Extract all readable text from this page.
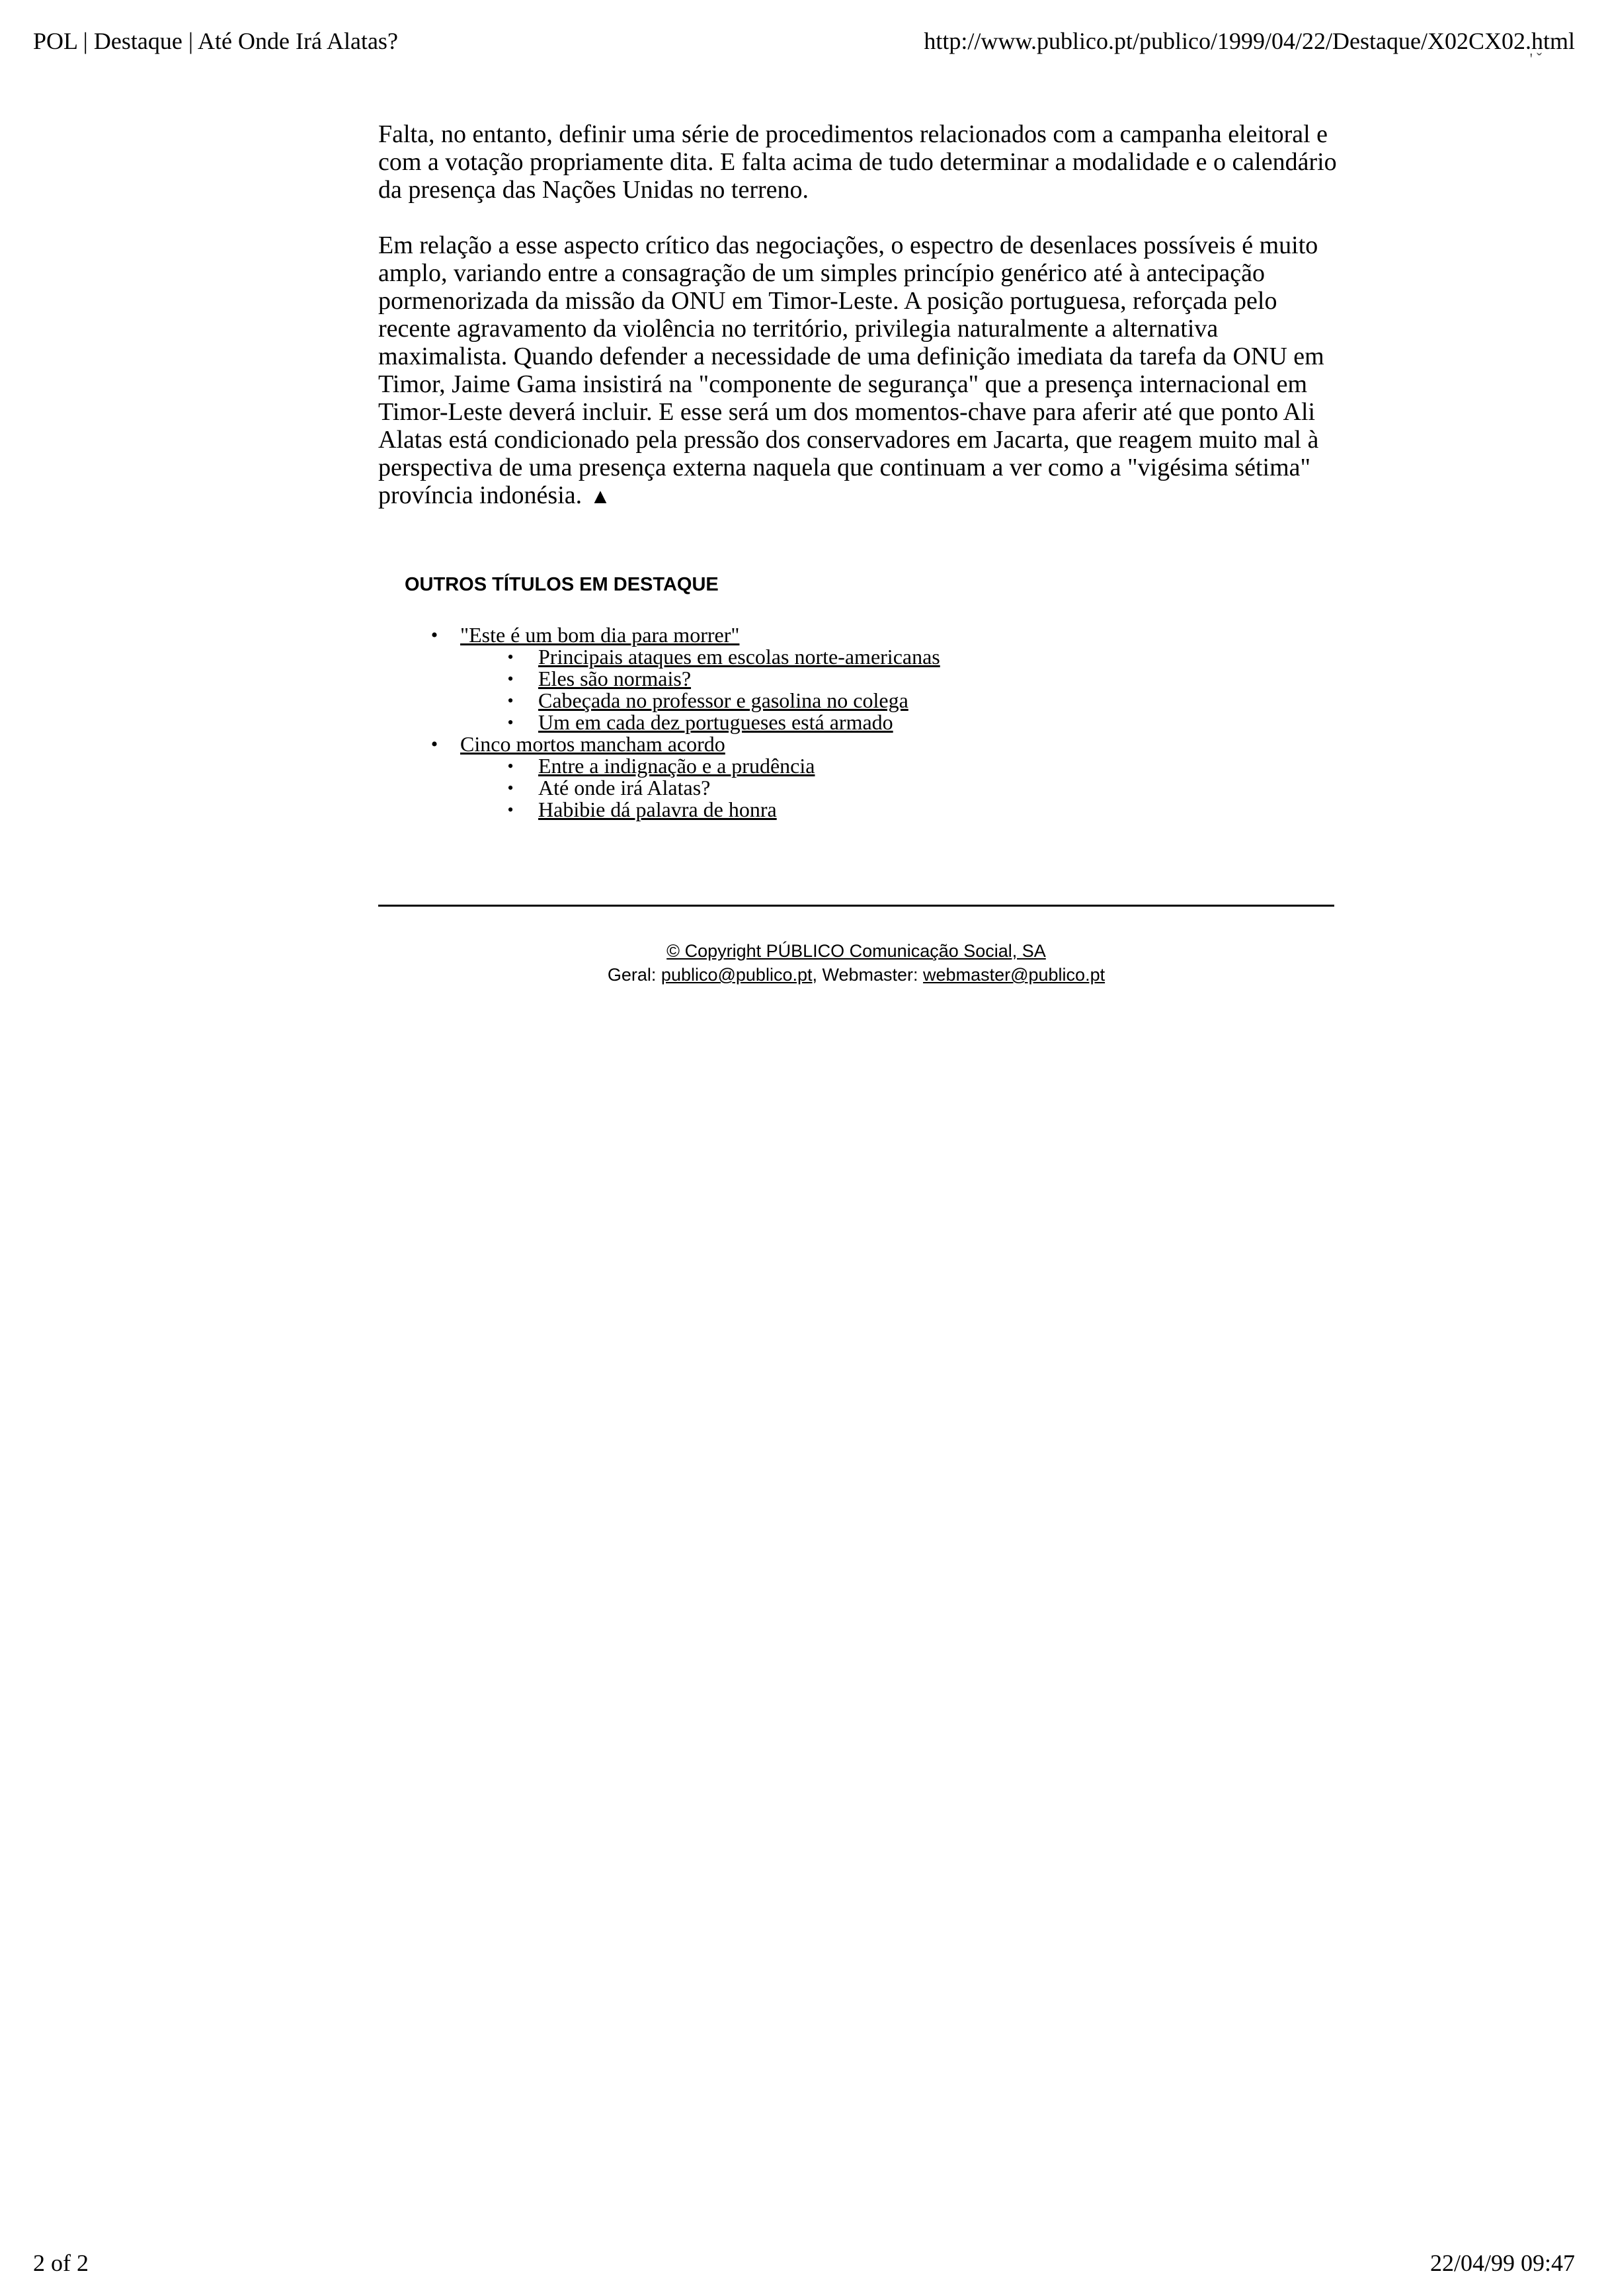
POL | Destaque | Até Onde Irá Alatas?	http://www.publico.pt/publico/1999/04/22/Destaque/X02CX02.html
' ˇ

Falta, no entanto, definir uma série de procedimentos relacionados com a campanha eleitoral e com a votação propriamente dita. E falta acima de tudo determinar a modalidade e o calendário da presença das Nações Unidas no terreno.

Em relação a esse aspecto crítico das negociações, o espectro de desenlaces possíveis é muito amplo, variando entre a consagração de um simples princípio genérico até à antecipação pormenorizada da missão da ONU em Timor-Leste. A posição portuguesa, reforçada pelo recente agravamento da violência no território, privilegia naturalmente a alternativa maximalista. Quando defender a necessidade de uma definição imediata da tarefa da ONU em Timor, Jaime Gama insistirá na "componente de segurança" que a presença internacional em Timor-Leste deverá incluir. E esse será um dos momentos-chave para aferir até que ponto Ali Alatas está condicionado pela pressão dos conservadores em Jacarta, que reagem muito mal à perspectiva de uma presença externa naquela que continuam a ver como a "vigésima sétima" província indonésia. ▲

OUTROS TÍTULOS EM DESTAQUE
•	"Este é um bom dia para morrer"
• Principais ataques em escolas norte-americanas
• Eles são normais?
• Cabeçada no professor e gasolina no colega
• Um em cada dez portugueses está armado
•	Cinco mortos mancham acordo
• Entre a indignação e a prudência
• Até onde irá Alatas?
• Habibie dá palavra de honra
© Copyright PÚBLICO Comunicação Social, SA
Geral: publico@publico.pt, Webmaster: webmaster@publico.pt
2 of 2	22/04/99 09:47
